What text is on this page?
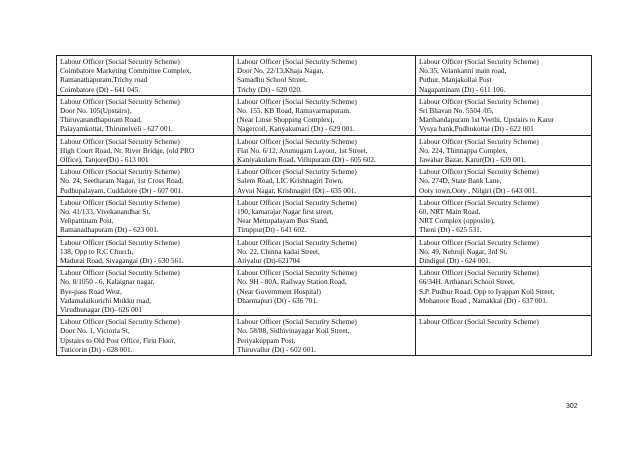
Labour Officer (Social Security Scheme)
Coimbatore Marketing Committee Complex,
Ramanathapuram,Trichy road
Coimbatore (Dt) - 641 045.	Labour Officer (Social Security Scheme)
Door No. 22/13,Khaja Nagar,
Samadhu School Street,
Trichy (Dt) - 620 020.	Labour Officer (Social Security Scheme)
No.35, Velankanni main road,
Puthur, Manjakollai Post
Nagapattinam (Dt) - 611 106.

Labour Officer (Social Security Scheme)
Door No. 105(Upstairs),
Thiruvanandhapuram Road,
Palayamkottai, Thirunelveli - 627 001.	Labour Officer (Social Security Scheme)
No. 155, KB Road, Ramavarmapuram.
(Near Linse Shopping Complex),
Nagercoil, Kanyakumari (Dt) - 629 001.	Labour Officer (Social Security Scheme)
Sri Bhavan No. 5504 /05,
Marthandapuram 1st Veethi, Upstairs to Karur
Vysya bank,Pudhukottai (Dt) - 622 001

Labour Officer (Social Security Scheme)
High Court Road, Nr. River Bridge, (old PRO
Office), Tanjore(Dt) - 613 001	Labour Officer (Social Security Scheme)
Flat No. 6/12, Arumugam Layout, 1st Street,
Kaniyakulam Road, Villupuram (Dt) - 605 602.	Labour Officer (Social Security Scheme)
No. 224, Thinnappa Complex,
Jawahar Bazar, Karur(Dt) - 639 001.

Labour Officer (Social Security Scheme)
No. 24, Seetharam Nagar, 1st Cross Road,
Pudhupalayam, Cuddalore (Dt) - 607 001.	Labour Officer (Social Security Scheme)
Salem Road, LIC Krishnagiri Town,
Avvai Nagar, Krishnagiri (Dt) - 635 001.	Labour Officer (Social Security Scheme)
No. 274D, State Bank Lane,
Ooty town,Ooty , Nilgiri (Dt) - 643 001.

Labour Officer (Social Security Scheme)
No. 41/133, Vivekanandhar St,
Velipattinam Post,
Ramanadhapuram (Dt) - 623 001.	Labour Officer (Social Security Scheme)
190, kamarajar Nagar first street,
Near Mettupalayam Bus Stand,
Tiruppur(Dt) - 641 602.	Labour Officer (Social Security Scheme)
60, NRT Main Road,
NRT Complex (opposite),
Theni (Dt) - 625 531.

Labour Officer (Social Security Scheme)
138, Opp to R.C Church,
Madurai Road, Sivagangai (Dt) - 630 561.	Labour Officer (Social Security Scheme)
No. 22, Chinna kadai Street,
Ariyalur (Dt)-621704	Labour Officer (Social Security Scheme)
No. 49, Nehruji Nagar, 3rd St,
Dindigul (Dt) - 624 001.

Labour Officer (Social Security Scheme)
No. 8/1050 - 6, Kalaignar nagar,
Bye-pass Road West,
Vadamalaikurichi Mukku road,
Virudhunagar (Dt)- 626 001	Labour Officer (Social Security Scheme)
No. 9H - 80A, Railway Station Road,
(Near Government Hospital)
Dharmapuri (Dt) - 636 701.	Labour Officer (Social Security Scheme)
66/34H. Arthanari School Street,
S.P. Pudhur Road, Opp to Iyappan Koil Street,
Mohanoor Road , Namakkal (Dt) - 637 001.

Labour Officer (Social Security Scheme)
Door No. 1, Victoria St,
Upstairs to Old Post Office, First Floor,
Tuticorin (Dt) - 628 001.	Labour Officer (Social Security Scheme)
No. 58/88, Sidhivinayagar Koil Street,
Periyakuppam Post,
Thiruvallur (Dt) - 602 001.	Labour Officer (Social Security Scheme)
302
